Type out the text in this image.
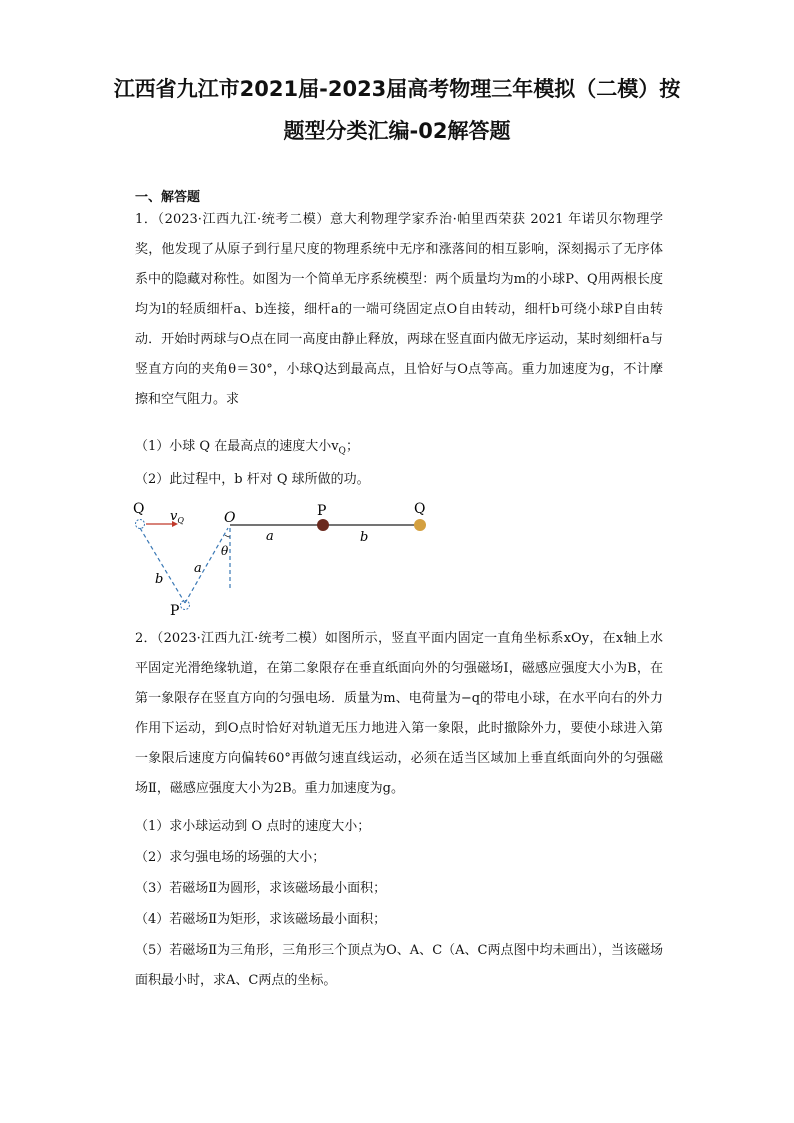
江西省九江市2021届-2023届高考物理三年模拟（二模）按
题型分类汇编-02解答题
一、解答题
1．（2023·江西九江·统考二模）意大利物理学家乔治·帕里西荣获 2021 年诺贝尔物理学奖，他发现了从原子到行星尺度的物理系统中无序和涨落间的相互影响，深刻揭示了无序体系中的隐藏对称性。如图为一个简单无序系统模型：两个质量均为m的小球P、Q用两根长度均为l的轻质细杆a、b连接，细杆a的一端可绕固定点O自由转动，细杆b可绕小球P自由转动．开始时两球与O点在同一高度由静止释放，两球在竖直面内做无序运动，某时刻细杆a与竖直方向的夹角θ＝30°，小球Q达到最高点，且恰好与O点等高。重力加速度为g，不计摩擦和空气阻力。求
（1）小球 Q 在最高点的速度大小$v_Q$；
（2）此过程中，b 杆对 Q 球所做的功。
Q $v_Q$	O
θ
a
b
P
P
a	b
Q
2．（2023·江西九江·统考二模）如图所示，竖直平面内固定一直角坐标系xOy，在x轴上水平固定光滑绝缘轨道，在第二象限存在垂直纸面向外的匀强磁场Ⅰ，磁感应强度大小为B，在第一象限存在竖直方向的匀强电场．质量为m、电荷量为−q的带电小球，在水平向右的外力作用下运动，到O点时恰好对轨道无压力地进入第一象限，此时撤除外力，要使小球进入第一象限后速度方向偏转60°再做匀速直线运动，必须在适当区域加上垂直纸面向外的匀强磁场Ⅱ，磁感应强度大小为2B。重力加速度为g。
（1）求小球运动到 O 点时的速度大小；
（2）求匀强电场的场强的大小；
（3）若磁场Ⅱ为圆形，求该磁场最小面积；
（4）若磁场Ⅱ为矩形，求该磁场最小面积；
（5）若磁场Ⅱ为三角形，三角形三个顶点为O、A、C（A、C两点图中均未画出），当该磁场面积最小时，求A、C两点的坐标。
